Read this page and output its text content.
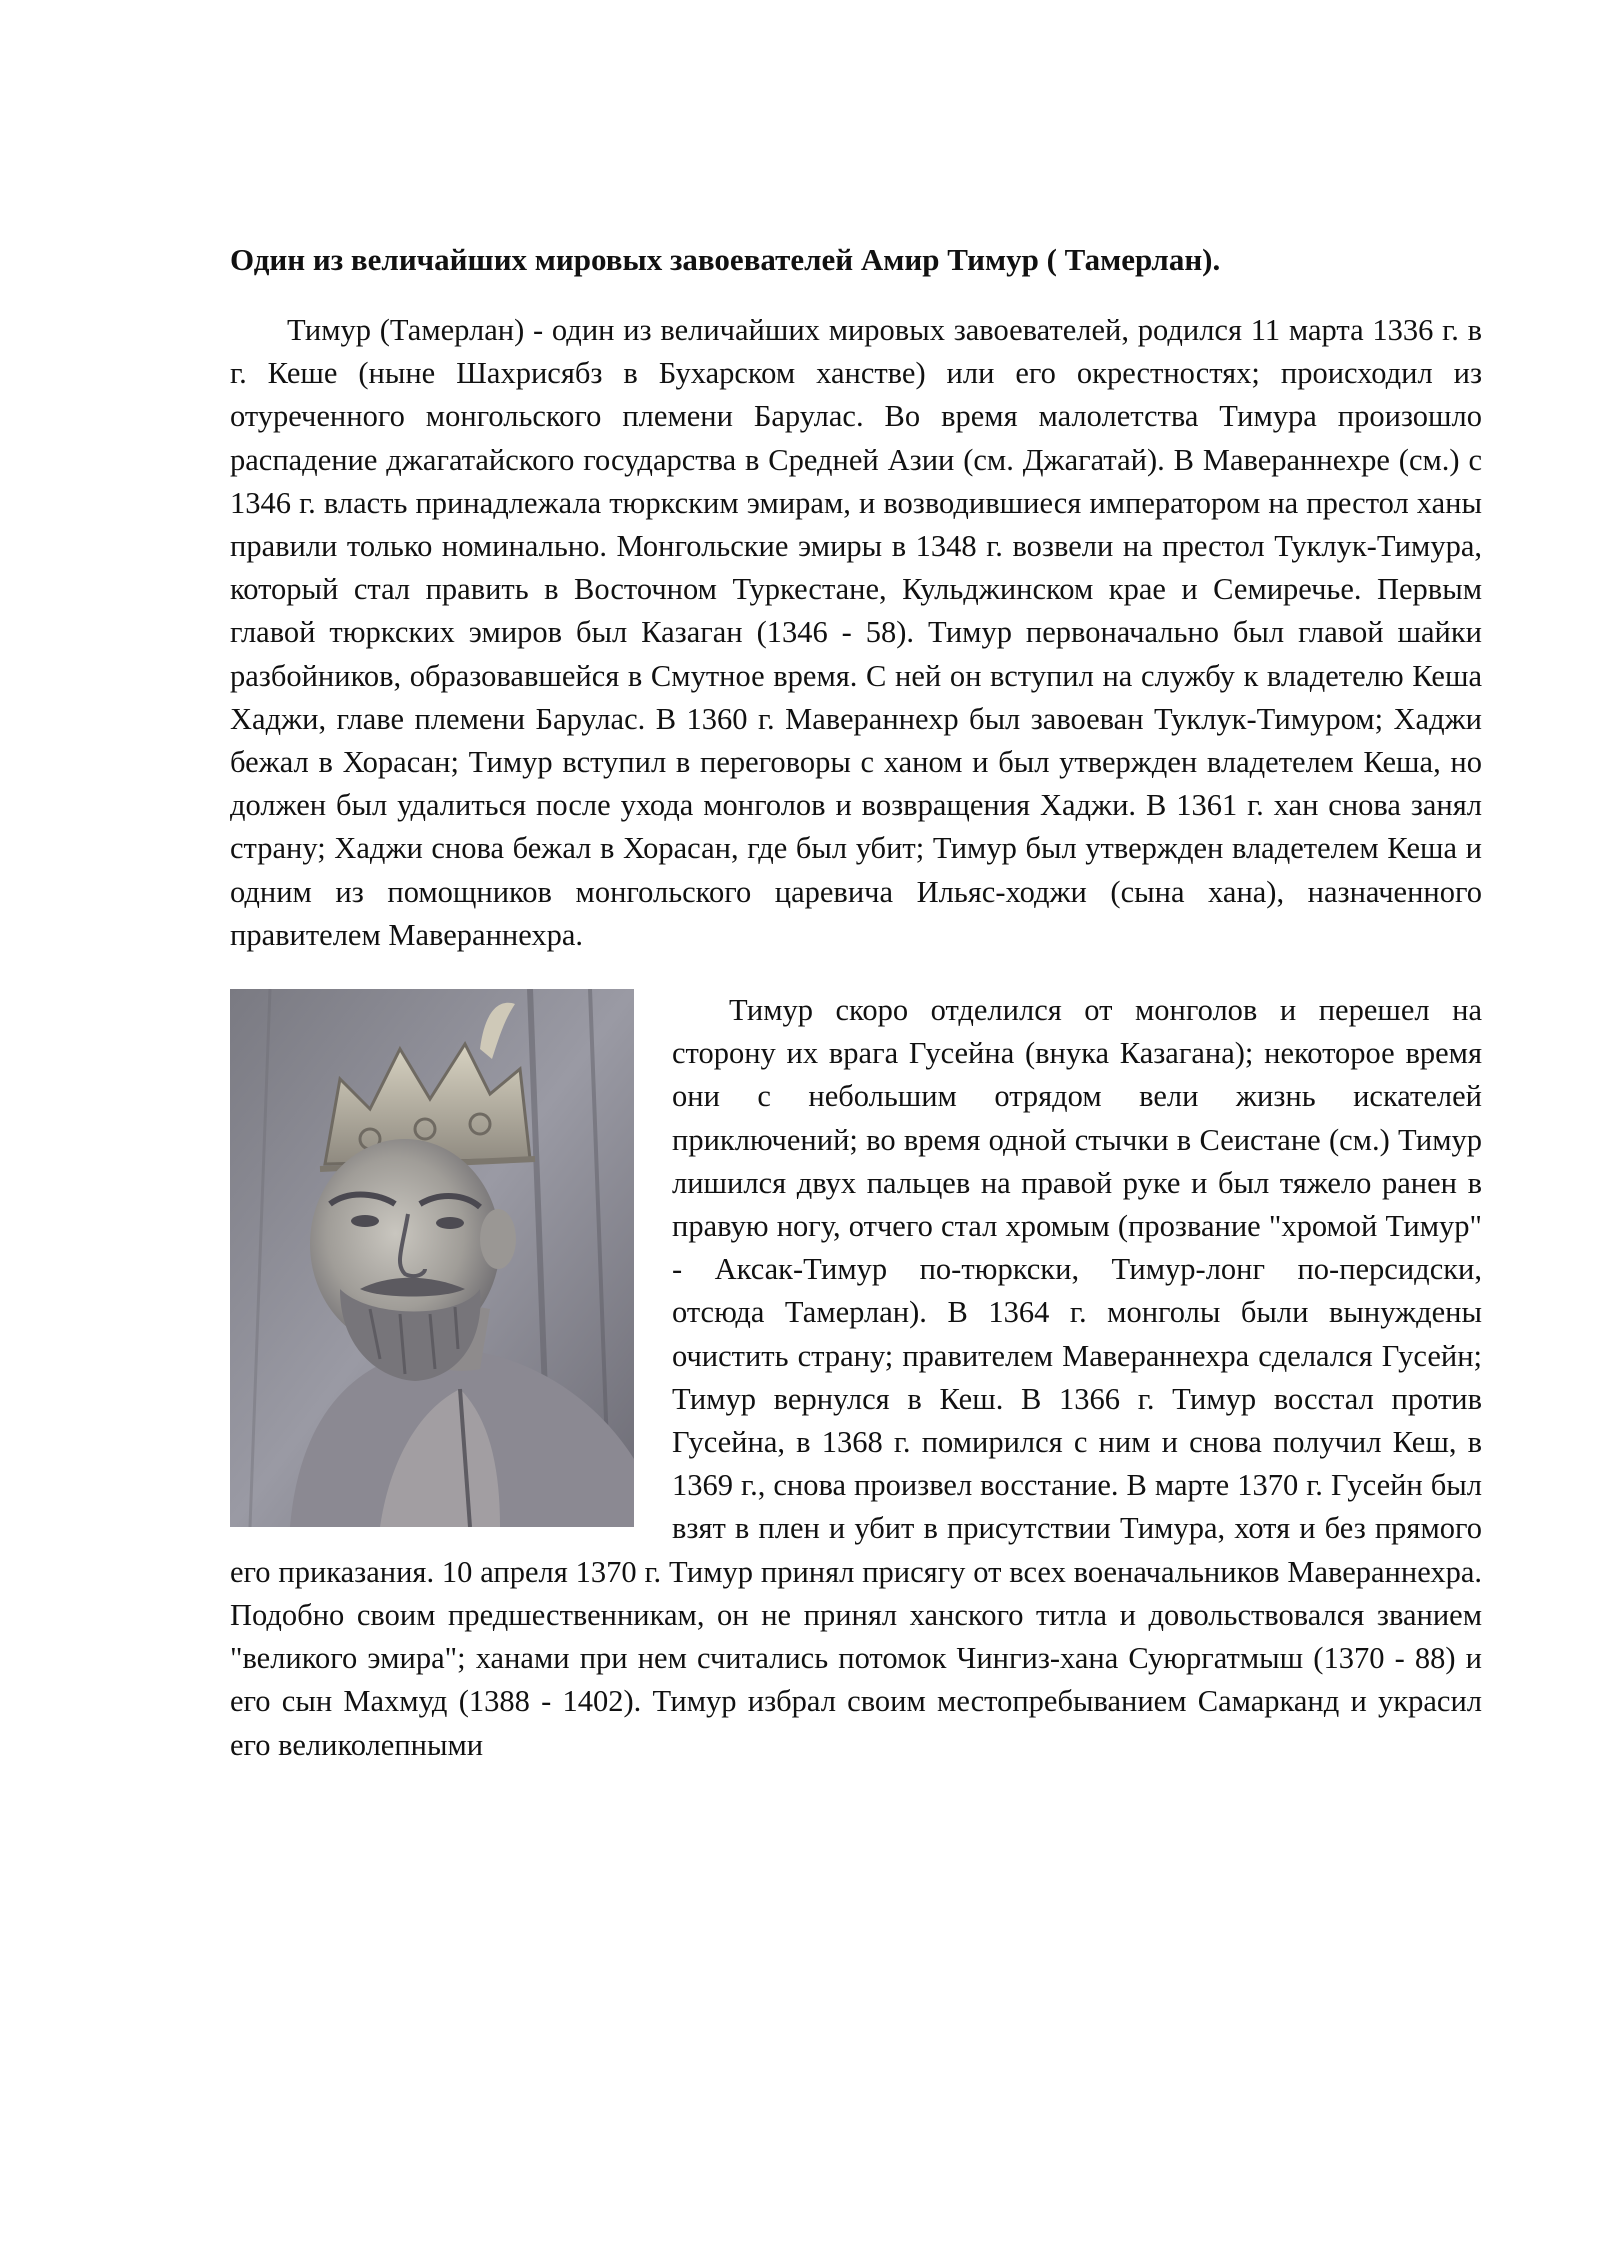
Один из величайших мировых завоевателей Амир Тимур ( Тамерлан).

Тимур (Тамерлан) - один из величайших мировых завоевателей, родился 11 марта 1336 г. в г. Кеше (ныне Шахрисябз в Бухарском ханстве) или его окрестностях; происходил из отуреченного монгольского племени Барулас. Во время малолетства Тимура произошло распадение джагатайского государства в Средней Азии (см. Джагатай). В Мавераннехре (см.) с 1346 г. власть принадлежала тюркским эмирам, и возводившиеся императором на престол ханы правили только номинально. Монгольские эмиры в 1348 г. возвели на престол Туклук-Тимура, который стал править в Восточном Туркестане, Кульджинском крае и Семиречье. Первым главой тюркских эмиров был Казаган (1346 - 58). Тимур первоначально был главой шайки разбойников, образовавшейся в Смутное время. С ней он вступил на службу к владетелю Кеша Хаджи, главе племени Барулас. В 1360 г. Мавераннехр был завоеван Туклук-Тимуром; Хаджи бежал в Хорасан; Тимур вступил в переговоры с ханом и был утвержден владетелем Кеша, но должен был удалиться после ухода монголов и возвращения Хаджи. В 1361 г. хан снова занял страну; Хаджи снова бежал в Хорасан, где был убит; Тимур был утвержден владетелем Кеша и одним из помощников монгольского царевича Ильяс-ходжи (сына хана), назначенного правителем Мавераннехра.

Тимур скоро отделился от монголов и перешел на сторону их врага Гусейна (внука Казагана); некоторое время они с небольшим отрядом вели жизнь искателей приключений; во время одной стычки в Сеистане (см.) Тимур лишился двух пальцев на правой руке и был тяжело ранен в правую ногу, отчего стал хромым (прозвание "хромой Тимур" - Аксак-Тимур по-тюркски, Тимур-лонг по-персидски, отсюда Тамерлан). В 1364 г. монголы были вынуждены очистить страну; правителем Мавераннехра сделался Гусейн; Тимур вернулся в Кеш. В 1366 г. Тимур восстал против Гусейна, в 1368 г. помирился с ним и снова получил Кеш, в 1369 г., снова произвел восстание. В марте 1370 г. Гусейн был взят в плен и убит в присутствии Тимура, хотя и без прямого его приказания. 10 апреля 1370 г. Тимур принял присягу от всех военачальников Мавераннехра. Подобно своим предшественникам, он не принял ханского титла и довольствовался званием "великого эмира"; ханами при нем считались потомок Чингиз-хана Суюргатмыш (1370 - 88) и его сын Махмуд (1388 - 1402). Тимур избрал своим местопребыванием Самарканд и украсил его великолепными
